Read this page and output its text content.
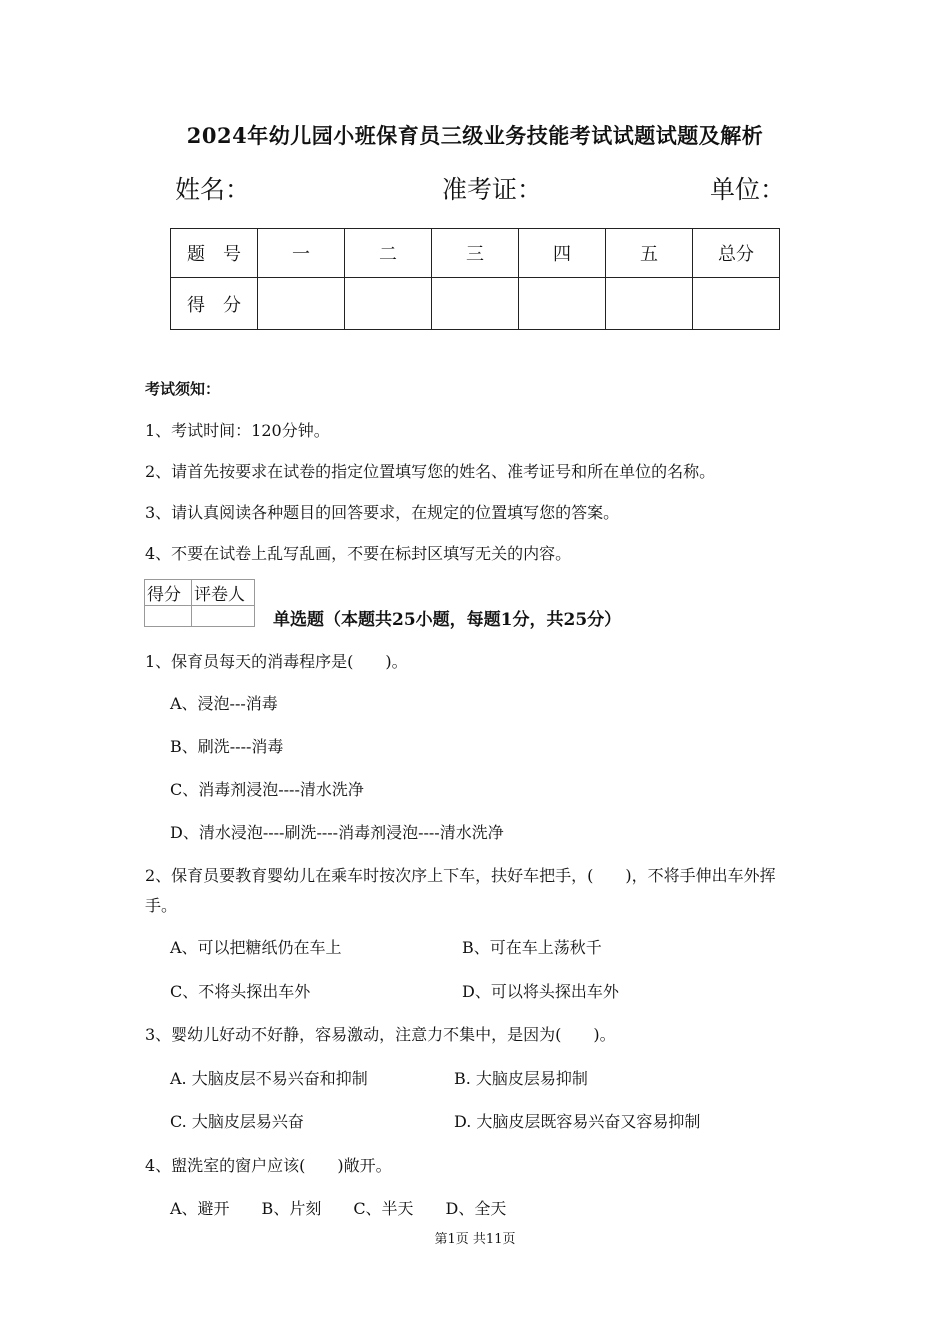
2024年幼儿园小班保育员三级业务技能考试试题试题及解析
姓名：	准考证：	单位：
题　号	一	二	三	四	五	总分
得　分						
考试须知：
1、考试时间：120分钟。
2、请首先按要求在试卷的指定位置填写您的姓名、准考证号和所在单位的名称。
3、请认真阅读各种题目的回答要求，在规定的位置填写您的答案。
4、不要在试卷上乱写乱画，不要在标封区填写无关的内容。
得分	评卷人

单选题（本题共25小题，每题1分，共25分）
1、保育员每天的消毒程序是(　　)。
A、浸泡---消毒
B、刷洗----消毒
C、消毒剂浸泡----清水洗净
D、清水浸泡----刷洗----消毒剂浸泡----清水洗净
2、保育员要教育婴幼儿在乘车时按次序上下车，扶好车把手，(　　)，不将手伸出车外挥
手。
A、可以把糖纸仍在车上	B、可在车上荡秋千
C、不将头探出车外	D、可以将头探出车外
3、婴幼儿好动不好静，容易激动，注意力不集中，是因为(　　)。
A. 大脑皮层不易兴奋和抑制	B. 大脑皮层易抑制
C. 大脑皮层易兴奋	D. 大脑皮层既容易兴奋又容易抑制
4、盥洗室的窗户应该(　　)敞开。
A、避开　　B、片刻　　C、半天　　D、全天
第1页 共11页
